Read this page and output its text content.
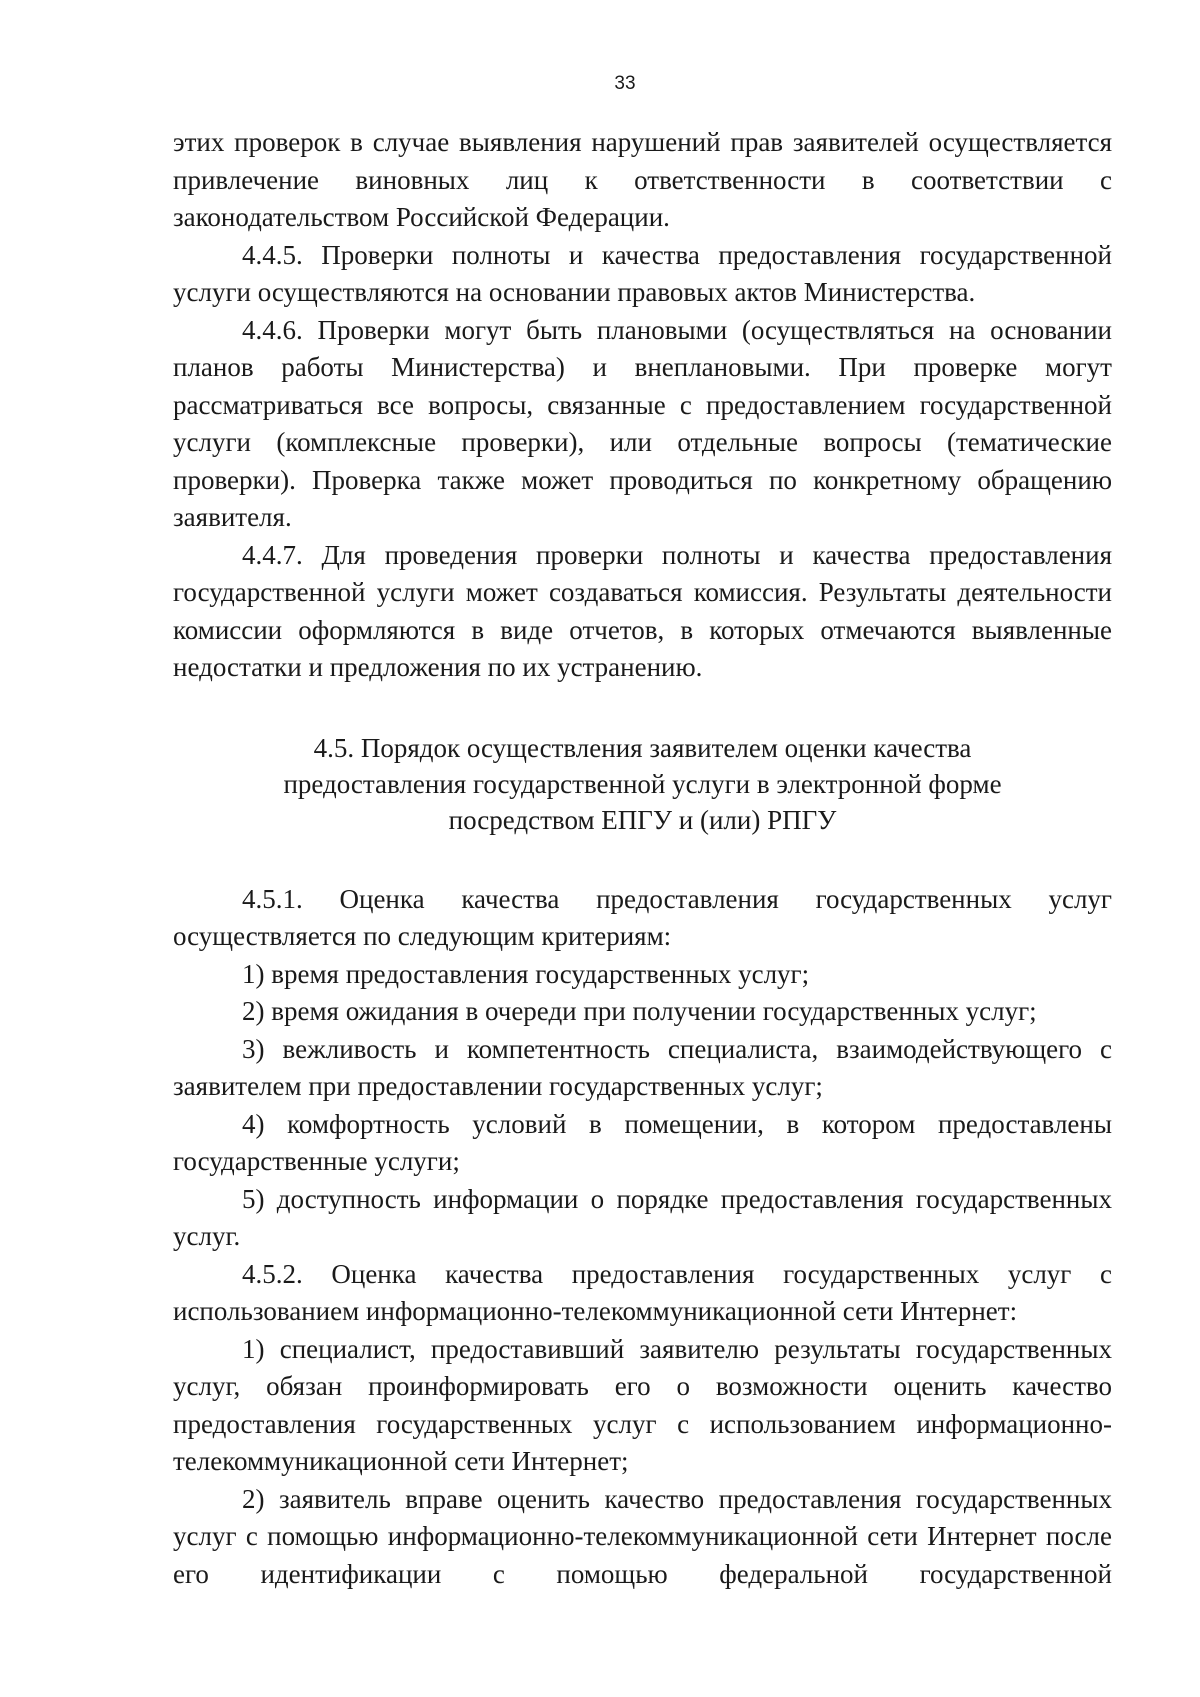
33

этих проверок в случае выявления нарушений прав заявителей осуществляется привлечение виновных лиц к ответственности в соответствии с законодательством Российской Федерации.

4.4.5. Проверки полноты и качества предоставления государственной услуги осуществляются на основании правовых актов Министерства.

4.4.6. Проверки могут быть плановыми (осуществляться на основании планов работы Министерства) и внеплановыми. При проверке могут рассматриваться все вопросы, связанные с предоставлением государственной услуги (комплексные проверки), или отдельные вопросы (тематические проверки). Проверка также может проводиться по конкретному обращению заявителя.

4.4.7. Для проведения проверки полноты и качества предоставления государственной услуги может создаваться комиссия. Результаты деятельности комиссии оформляются в виде отчетов, в которых отмечаются выявленные недостатки и предложения по их устранению.

4.5. Порядок осуществления заявителем оценки качества
предоставления государственной услуги в электронной форме
посредством ЕПГУ и (или) РПГУ

4.5.1. Оценка качества предоставления государственных услуг осуществляется по следующим критериям:

1) время предоставления государственных услуг;

2) время ожидания в очереди при получении государственных услуг;

3) вежливость и компетентность специалиста, взаимодействующего с заявителем при предоставлении государственных услуг;

4) комфортность условий в помещении, в котором предоставлены государственные услуги;

5) доступность информации о порядке предоставления государственных услуг.

4.5.2. Оценка качества предоставления государственных услуг с использованием информационно-телекоммуникационной сети Интернет:

1) специалист, предоставивший заявителю результаты государственных услуг, обязан проинформировать его о возможности оценить качество предоставления государственных услуг с использованием информационно-телекоммуникационной сети Интернет;

2) заявитель вправе оценить качество предоставления государственных услуг с помощью информационно-телекоммуникационной сети Интернет после его идентификации с помощью федеральной государственной
